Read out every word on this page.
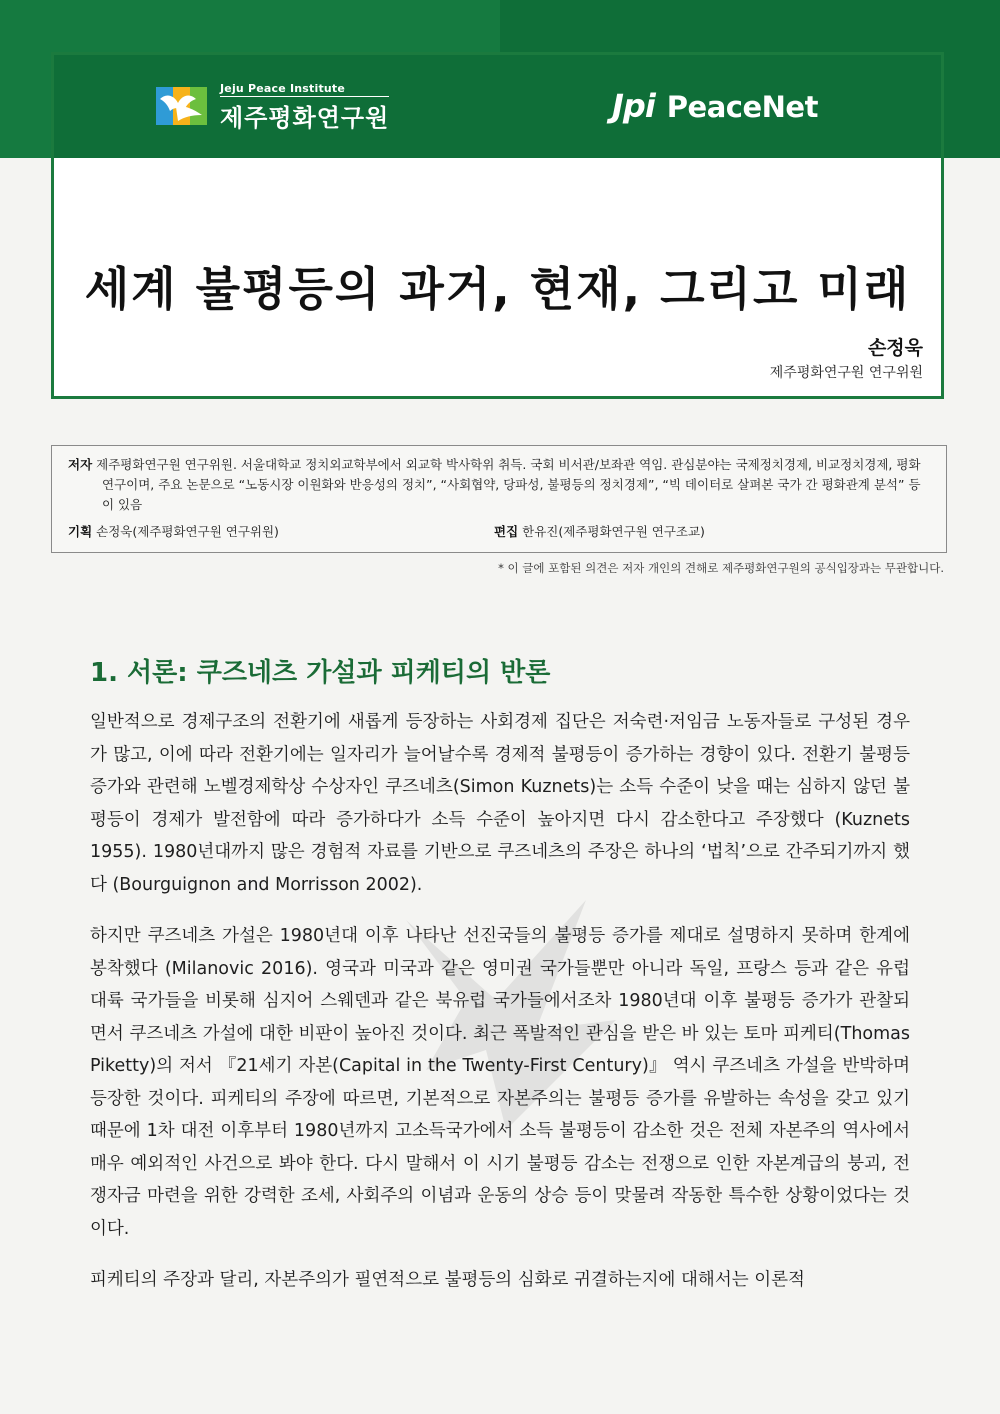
Jeju Peace Institute
제주평화연구원	Jpi PeaceNet
세계 불평등의 과거, 현재, 그리고 미래
손정욱
제주평화연구원 연구위원
저자 제주평화연구원 연구위원. 서울대학교 정치외교학부에서 외교학 박사학위 취득. 국회 비서관/보좌관 역임. 관심분야는 국제정치경제, 비교정치경제, 평화연구이며, 주요 논문으로 “노동시장 이원화와 반응성의 정치”, “사회협약, 당파성, 불평등의 정치경제”, “빅 데이터로 살펴본 국가 간 평화관계 분석” 등이 있음
기획 손정욱(제주평화연구원 연구위원)	편집 한유진(제주평화연구원 연구조교)
* 이 글에 포함된 의견은 저자 개인의 견해로 제주평화연구원의 공식입장과는 무관합니다.
1. 서론: 쿠즈네츠 가설과 피케티의 반론

일반적으로 경제구조의 전환기에 새롭게 등장하는 사회경제 집단은 저숙련·저임금 노동자들로 구성된 경우가 많고, 이에 따라 전환기에는 일자리가 늘어날수록 경제적 불평등이 증가하는 경향이 있다. 전환기 불평등 증가와 관련해 노벨경제학상 수상자인 쿠즈네츠(Simon Kuznets)는 소득 수준이 낮을 때는 심하지 않던 불평등이 경제가 발전함에 따라 증가하다가 소득 수준이 높아지면 다시 감소한다고 주장했다 (Kuznets 1955). 1980년대까지 많은 경험적 자료를 기반으로 쿠즈네츠의 주장은 하나의 ‘법칙’으로 간주되기까지 했다 (Bourguignon and Morrisson 2002).

하지만 쿠즈네츠 가설은 1980년대 이후 나타난 선진국들의 불평등 증가를 제대로 설명하지 못하며 한계에 봉착했다 (Milanovic 2016). 영국과 미국과 같은 영미권 국가들뿐만 아니라 독일, 프랑스 등과 같은 유럽 대륙 국가들을 비롯해 심지어 스웨덴과 같은 북유럽 국가들에서조차 1980년대 이후 불평등 증가가 관찰되면서 쿠즈네츠 가설에 대한 비판이 높아진 것이다. 최근 폭발적인 관심을 받은 바 있는 토마 피케티(Thomas Piketty)의 저서 『21세기 자본(Capital in the Twenty-First Century)』 역시 쿠즈네츠 가설을 반박하며 등장한 것이다. 피케티의 주장에 따르면, 기본적으로 자본주의는 불평등 증가를 유발하는 속성을 갖고 있기 때문에 1차 대전 이후부터 1980년까지 고소득국가에서 소득 불평등이 감소한 것은 전체 자본주의 역사에서 매우 예외적인 사건으로 봐야 한다. 다시 말해서 이 시기 불평등 감소는 전쟁으로 인한 자본계급의 붕괴, 전쟁자금 마련을 위한 강력한 조세, 사회주의 이념과 운동의 상승 등이 맞물려 작동한 특수한 상황이었다는 것이다.

피케티의 주장과 달리, 자본주의가 필연적으로 불평등의 심화로 귀결하는지에 대해서는 이론적
